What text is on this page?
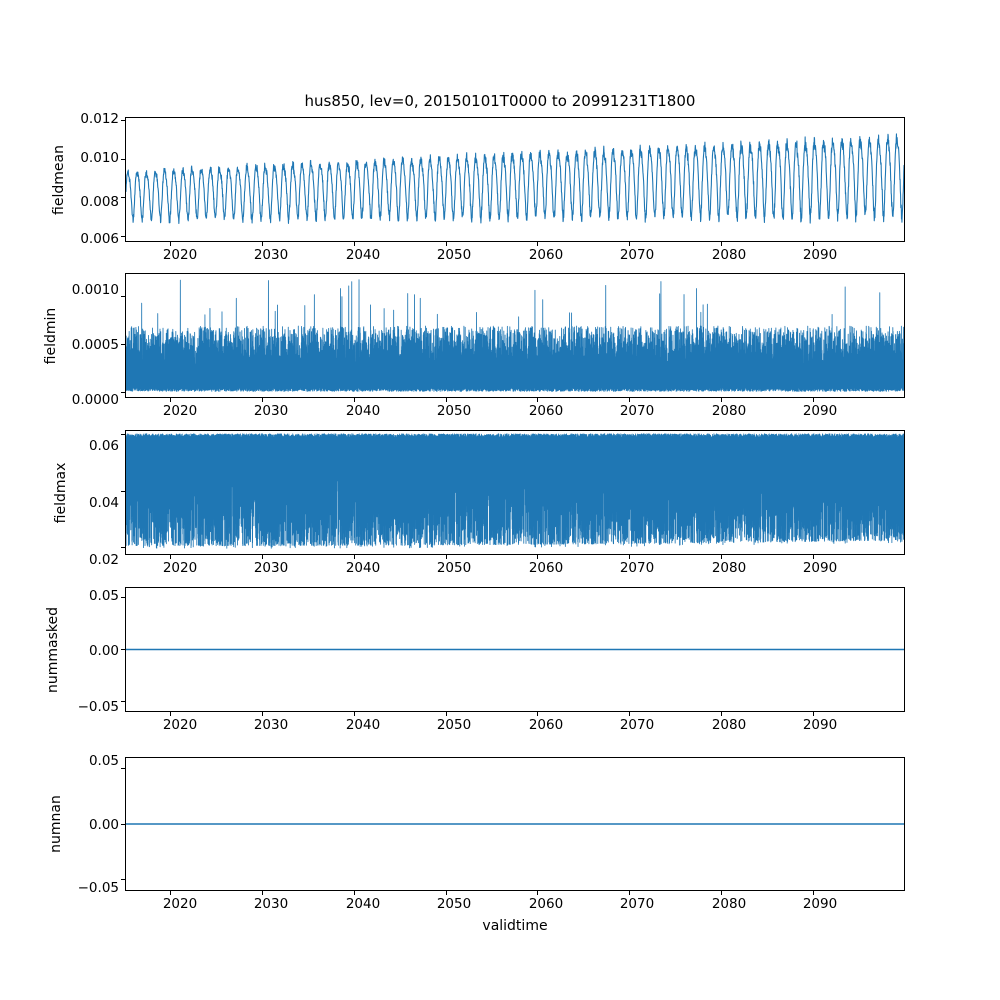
hus850, lev=0, 20150101T0000 to 20991231T1800
fieldmean
0.012
0.010
0.008
0.006
2020	2030	2040	2050	2060	2070	2080	2090
fieldmin
0.0010
0.0005
0.0000
2020	2030	2040	2050	2060	2070	2080	2090
fieldmax
0.06
0.04
0.02	2020	2030	2040	2050	2060	2070	2080	2090
nummasked
0.05
0.00
−0.05
2020	2030	2040	2050	2060	2070	2080	2090
numnan
0.05
0.00
−0.05
2020	2030	2040	2050	2060	2070	2080	2090
validtime
